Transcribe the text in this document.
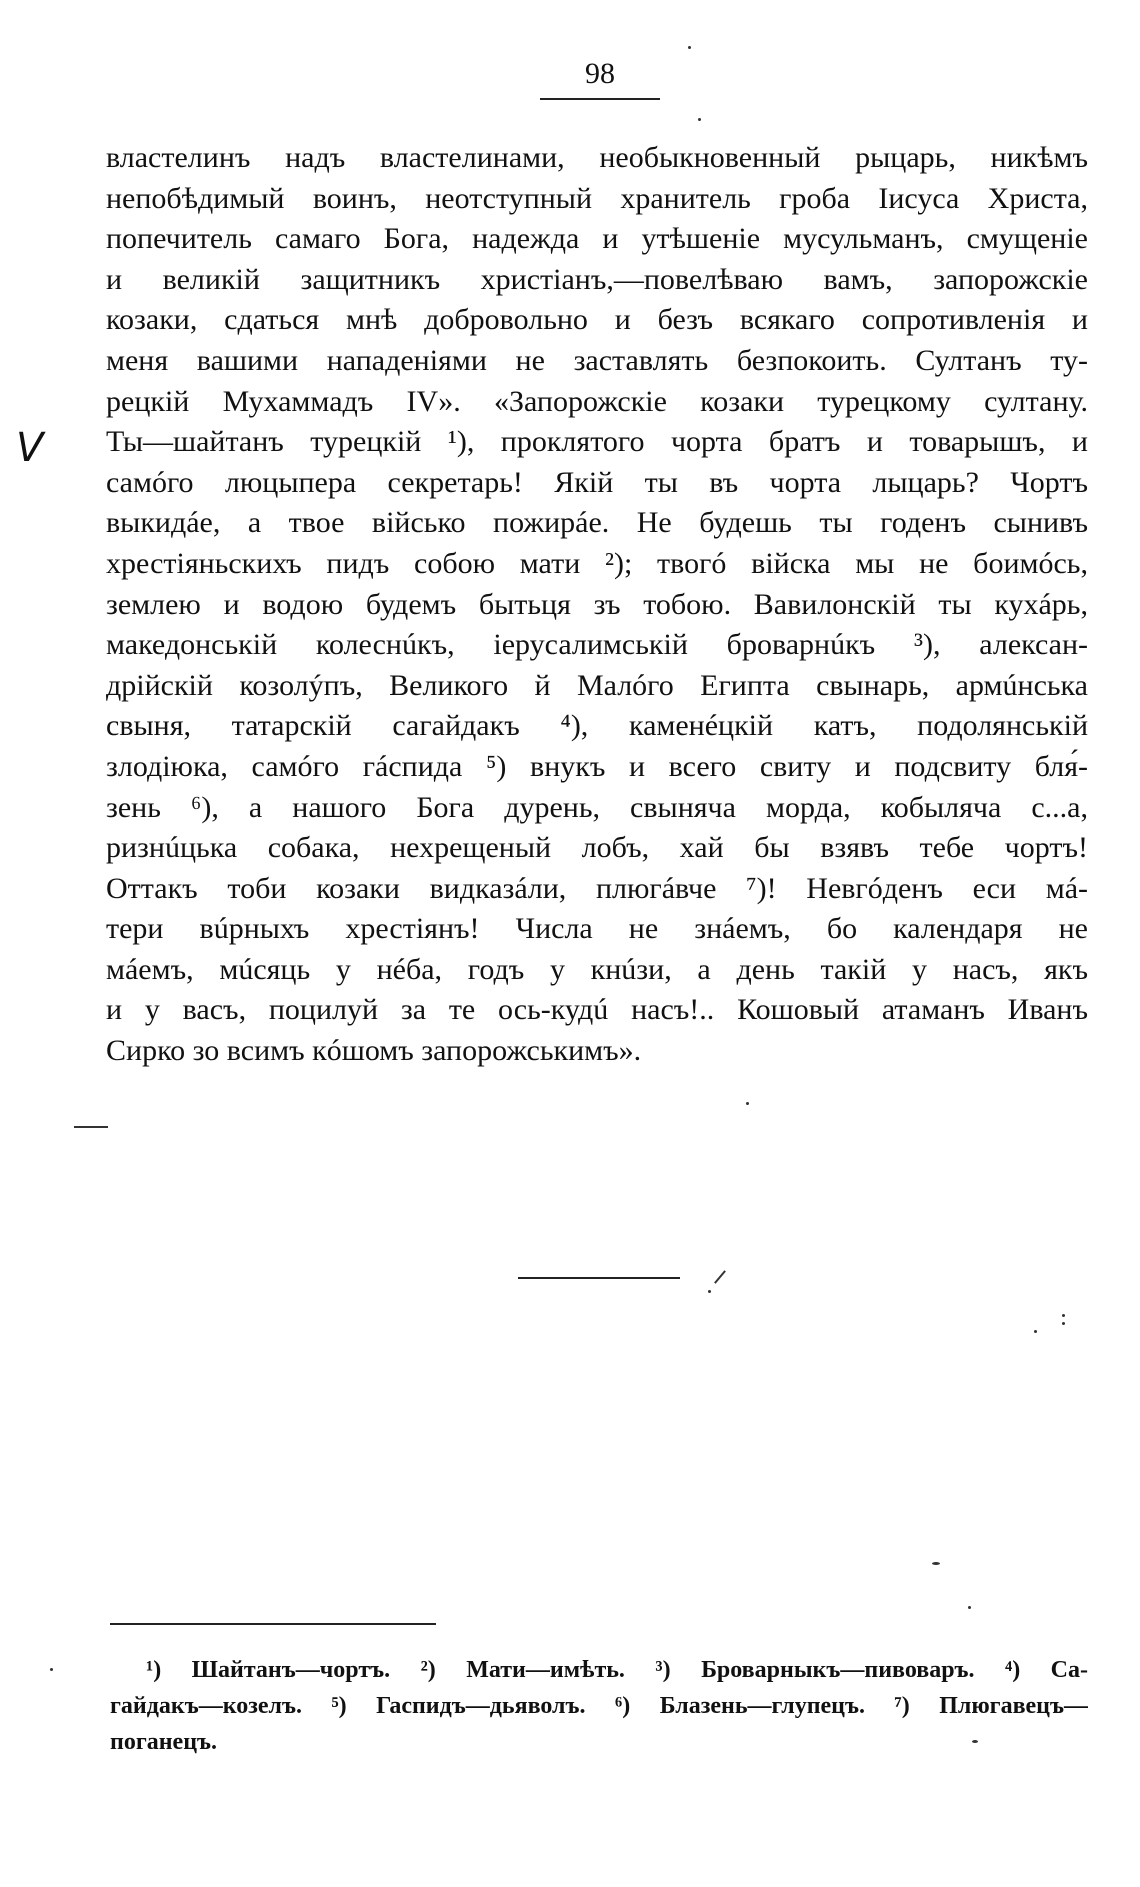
98
V
властелинъ надъ властелинами, необыкновенный рыцарь, никѣмъ
непобѣдимый воинъ, неотступный хранитель гроба Іисуса Христа,
попечитель самаго Бога, надежда и утѣшеніе мусульманъ, смущеніе
и великій защитникъ христіанъ,—повелѣваю вамъ, запорожскіе
козаки, сдаться мнѣ добровольно и безъ всякаго сопротивленія и
меня вашими нападеніями не заставлять безпокоить. Султанъ ту-
рецкій Мухаммадъ IV». «Запорожскіе козаки турецкому султану.
Ты—шайтанъ турецкій ¹), проклятого чорта братъ и товарышъ, и
самóго люцыпера секретарь! Якій ты въ чорта лыцарь? Чортъ
выкидáе, а твое військо пожирáе. Не будешь ты годенъ сынивъ
хрестіяньскихъ пидъ собою мати ²); твогó війска мы не боимóсь,
землею и водою будемъ бытьця зъ тобою. Вавилонскій ты кухáрь,
македонській колеснúкъ, іерусалимській броварнúкъ ³), алексан-
дрійскій козолýпъ, Великого й Малóго Египта свынарь, армúнська
свыня, татарскій сагайдакъ ⁴), каменéцкій катъ, подолянській
злодіюка, самóго гáспида ⁵) внукъ и всего свиту и подсвиту бля́-
зень ⁶), а нашого Бога дурень, свыняча морда, кобыляча с...а,
ризнúцька собака, нехрещеный лобъ, хай бы взявъ тебе чортъ!
Оттакъ тоби козаки видказáли, плюгáвче ⁷)! Невгóденъ еси мá-
тери вúрныхъ хрестіянъ! Числа не знáемъ, бо календаря не
мáемъ, мúсяць у нéба, годъ у кнúзи, а день такій у насъ, якъ
и у васъ, поцилуй за те ось-кудú насъ!.. Кошовый атаманъ Иванъ
Сирко зо всимъ кóшомъ запорожськимъ».
¹) Шайтанъ—чортъ. ²) Мати—имѣть. ³) Броварныкъ—пивоваръ. ⁴) Са-
гайдакъ—козелъ. ⁵) Гаспидъ—дьяволъ. ⁶) Блазень—глупецъ. ⁷) Плюгавецъ—
поганецъ.
